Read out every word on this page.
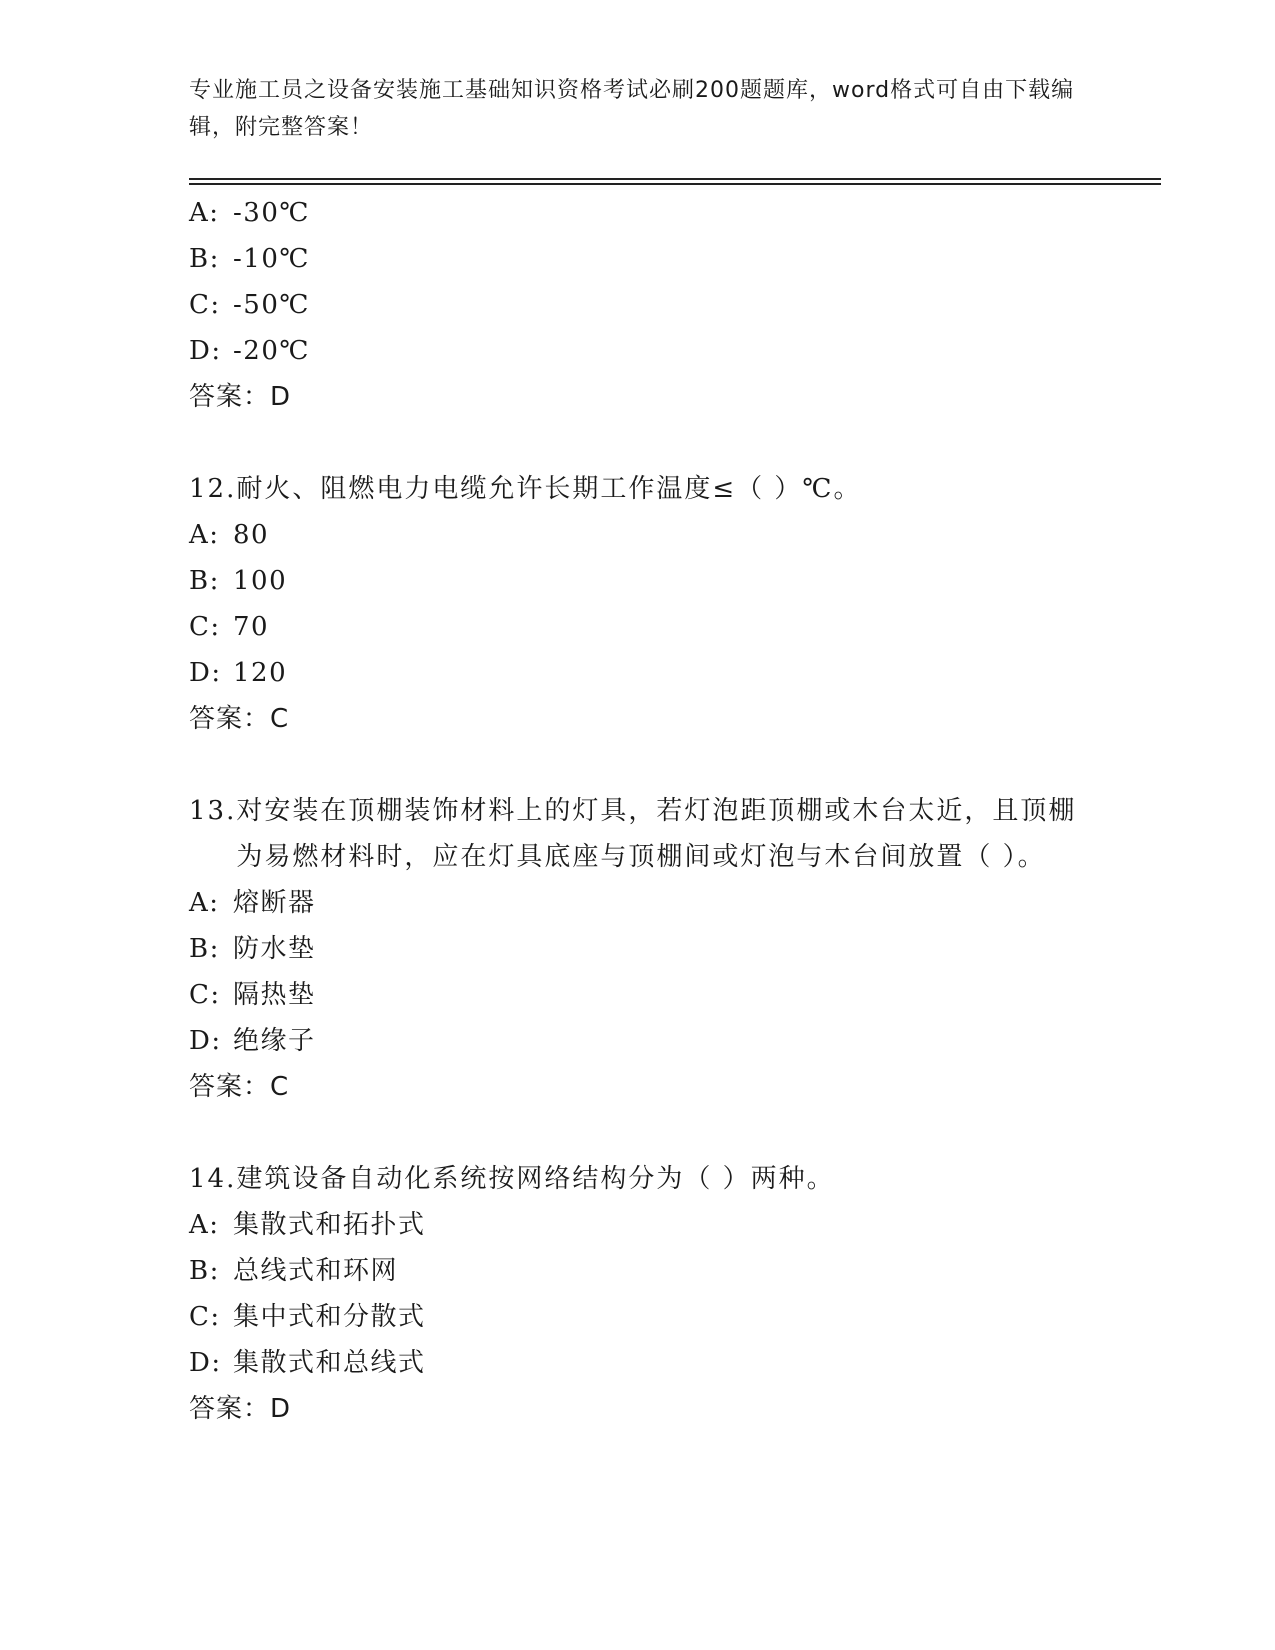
专业施工员之设备安装施工基础知识资格考试必刷200题题库，word格式可自由下载编辑，附完整答案！
A: -30℃
B: -10℃
C: -50℃
D: -20℃
答案：D
12. 耐火、阻燃电力电缆允许长期工作温度≤（ ）℃。
A: 80
B: 100
C: 70
D: 120
答案：C
13. 对安装在顶棚装饰材料上的灯具，若灯泡距顶棚或木台太近，且顶棚为易燃材料时，应在灯具底座与顶棚间或灯泡与木台间放置（ ）。
A: 熔断器
B: 防水垫
C: 隔热垫
D: 绝缘子
答案：C
14. 建筑设备自动化系统按网络结构分为（ ）两种。
A: 集散式和拓扑式
B: 总线式和环网
C: 集中式和分散式
D: 集散式和总线式
答案：D
